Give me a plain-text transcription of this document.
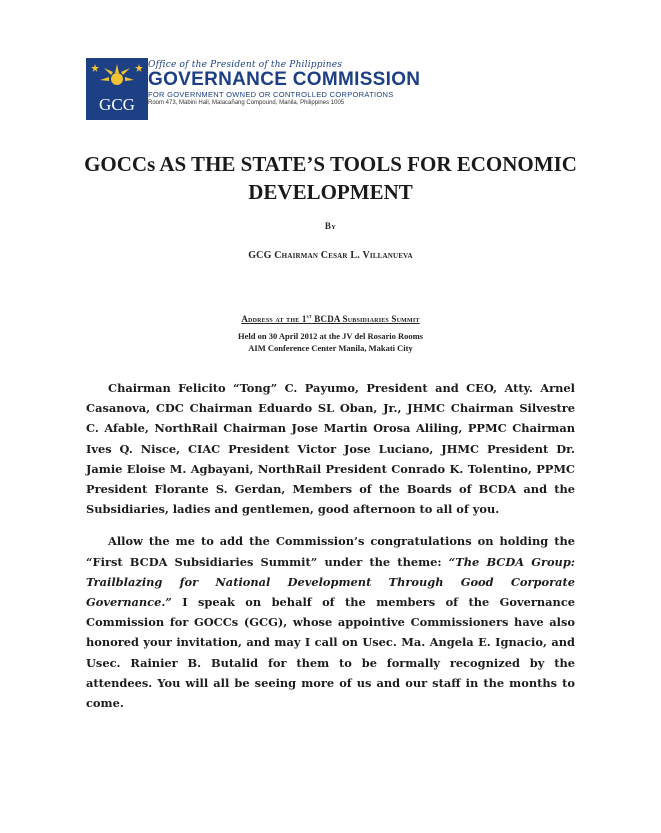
GCG
Office of the President of the Philippines
GOVERNANCE COMMISSION
FOR GOVERNMENT OWNED OR CONTROLLED CORPORATIONS
Room 473, Mabini Hall, Malacañang Compound, Manila, Philippines 1005
GOCCs AS THE STATE’S TOOLS FOR ECONOMIC
DEVELOPMENT
By
GCG Chairman Cesar L. Villanueva
Address at the 1st BCDA Subsidiaries Summit
Held on 30 April 2012 at the JV del Rosario Rooms
AIM Conference Center Manila, Makati City

Chairman Felicito “Tong” C. Payumo, President and CEO, Atty. Arnel Casanova, CDC Chairman Eduardo SL Oban, Jr., JHMC Chairman Silvestre C. Afable, NorthRail Chairman Jose Martin Orosa Aliling, PPMC Chairman Ives Q. Nisce, CIAC President Victor Jose Luciano, JHMC President Dr. Jamie Eloise M. Agbayani, NorthRail President Conrado K. Tolentino, PPMC President Florante S. Gerdan, Members of the Boards of BCDA and the Subsidiaries, ladies and gentlemen, good afternoon to all of you.

Allow the me to add the Commission’s congratulations on holding the “First BCDA Subsidiaries Summit” under the theme: “The BCDA Group: Trailblazing for National Development Through Good Corporate Governance.” I speak on behalf of the members of the Governance Commission for GOCCs (GCG), whose appointive Commissioners have also honored your invitation, and may I call on Usec. Ma. Angela E. Ignacio, and Usec. Rainier B. Butalid for them to be formally recognized by the attendees. You will all be seeing more of us and our staff in the months to come.
